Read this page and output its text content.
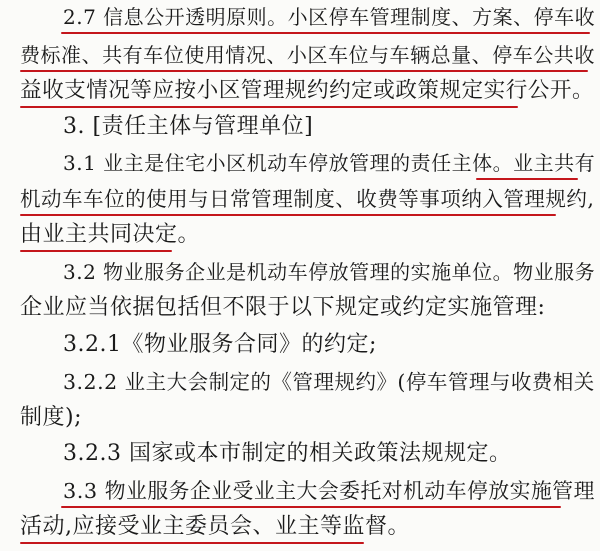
2.7 信息公开透明原则。小区停车管理制度、方案、停车收
费标准、共有车位使用情况、小区车位与车辆总量、停车公共收
益收支情况等应按小区管理规约约定或政策规定实行公开。
3. [责任主体与管理单位]
3.1 业主是住宅小区机动车停放管理的责任主体。业主共有
机动车车位的使用与日常管理制度、收费等事项纳入管理规约,
由业主共同决定。
3.2 物业服务企业是机动车停放管理的实施单位。物业服务
企业应当依据包括但不限于以下规定或约定实施管理:
3.2.1《物业服务合同》的约定;
3.2.2 业主大会制定的《管理规约》(停车管理与收费相关
制度);
3.2.3 国家或本市制定的相关政策法规规定。
3.3 物业服务企业受业主大会委托对机动车停放实施管理
活动,应接受业主委员会、业主等监督。
